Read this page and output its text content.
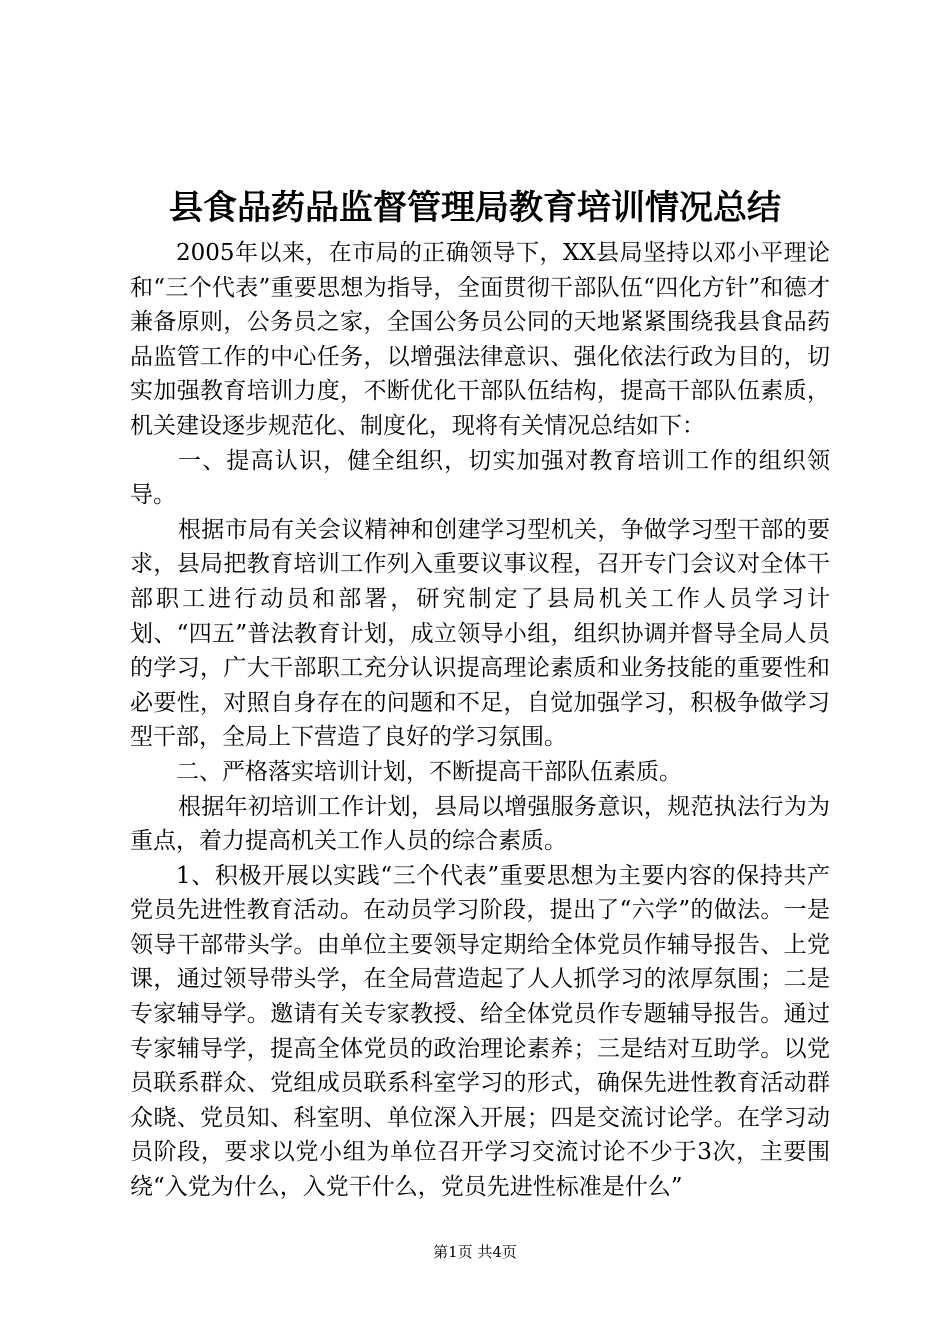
县食品药品监督管理局教育培训情况总结

2005年以来，在市局的正确领导下，XX县局坚持以邓小平理论和“三个代表”重要思想为指导，全面贯彻干部队伍“四化方针”和德才兼备原则，公务员之家，全国公务员公同的天地紧紧围绕我县食品药品监管工作的中心任务，以增强法律意识、强化依法行政为目的，切实加强教育培训力度，不断优化干部队伍结构，提高干部队伍素质，机关建设逐步规范化、制度化，现将有关情况总结如下：

一、提高认识，健全组织，切实加强对教育培训工作的组织领导。

根据市局有关会议精神和创建学习型机关，争做学习型干部的要求，县局把教育培训工作列入重要议事议程，召开专门会议对全体干部职工进行动员和部署，研究制定了县局机关工作人员学习计划、“四五”普法教育计划，成立领导小组，组织协调并督导全局人员的学习，广大干部职工充分认识提高理论素质和业务技能的重要性和必要性，对照自身存在的问题和不足，自觉加强学习，积极争做学习型干部，全局上下营造了良好的学习氛围。

二、严格落实培训计划，不断提高干部队伍素质。

根据年初培训工作计划，县局以增强服务意识，规范执法行为为重点，着力提高机关工作人员的综合素质。

1、积极开展以实践“三个代表”重要思想为主要内容的保持共产党员先进性教育活动。在动员学习阶段，提出了“六学”的做法。一是领导干部带头学。由单位主要领导定期给全体党员作辅导报告、上党课，通过领导带头学，在全局营造起了人人抓学习的浓厚氛围；二是专家辅导学。邀请有关专家教授、给全体党员作专题辅导报告。通过专家辅导学，提高全体党员的政治理论素养；三是结对互助学。以党员联系群众、党组成员联系科室学习的形式，确保先进性教育活动群众晓、党员知、科室明、单位深入开展；四是交流讨论学。在学习动员阶段，要求以党小组为单位召开学习交流讨论不少于3次，主要围绕“入党为什么，入党干什么，党员先进性标准是什么”

第1页 共4页
